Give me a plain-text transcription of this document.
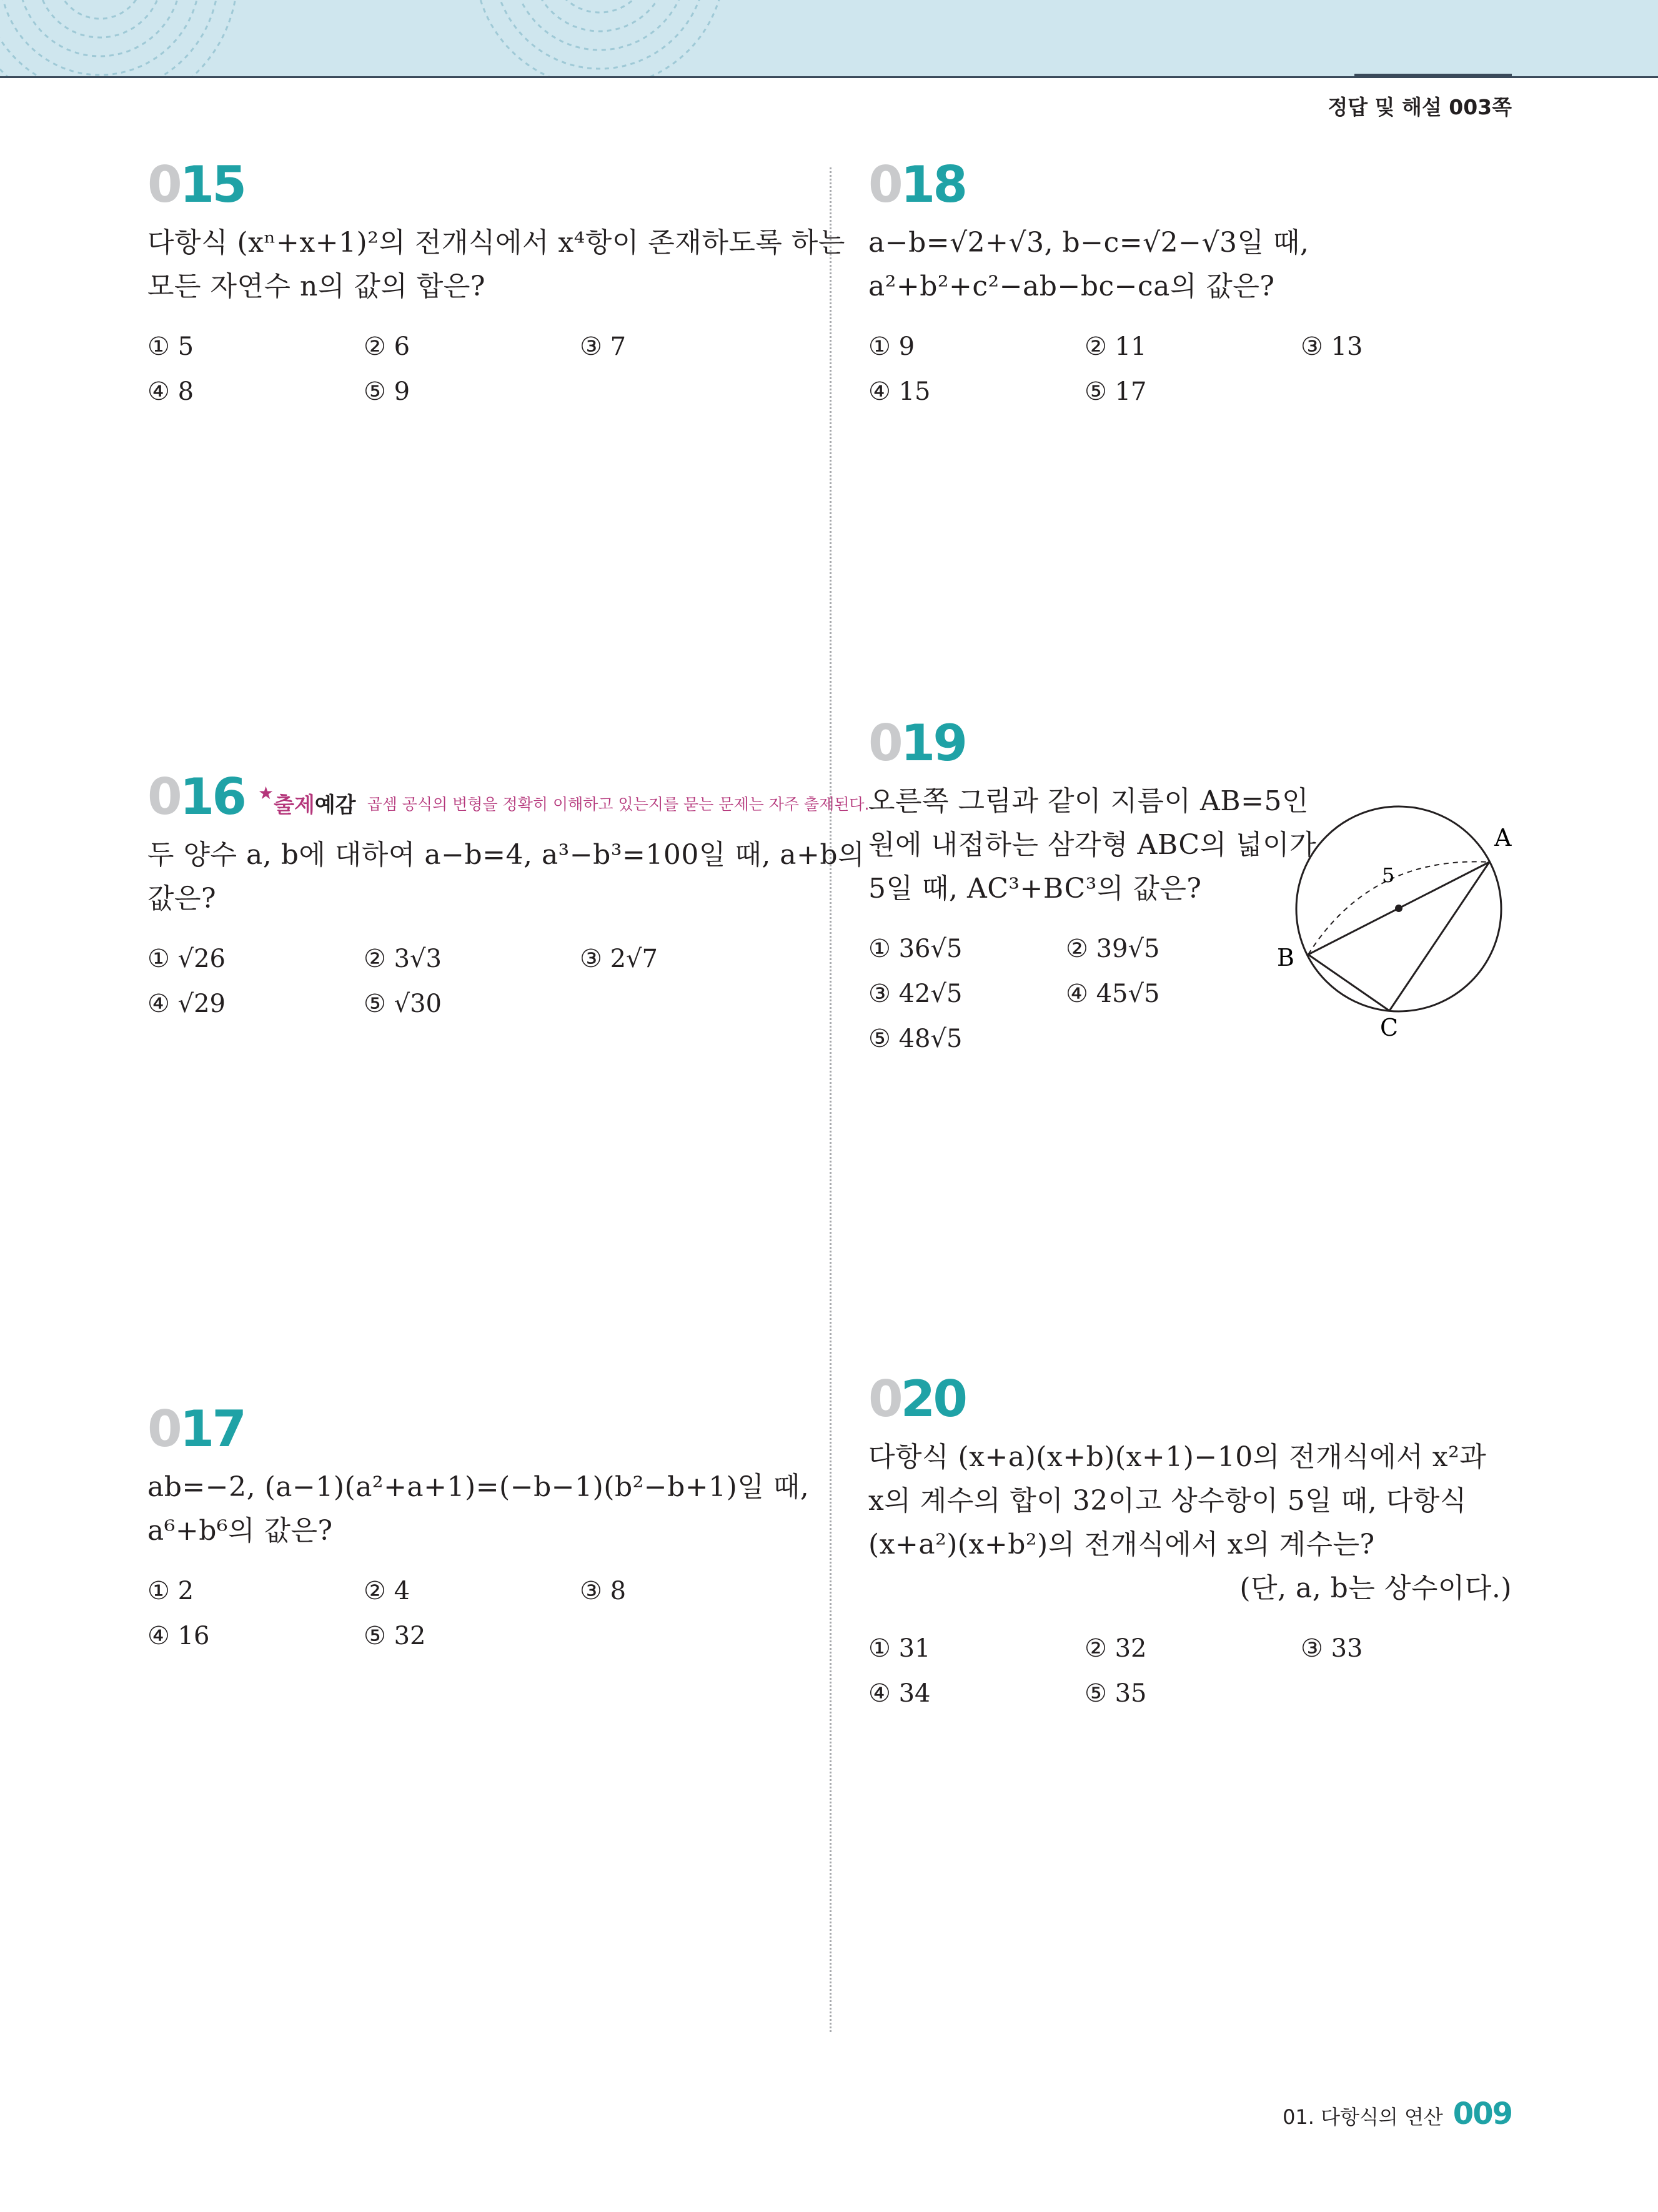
정답 및 해설 003쪽
015
다항식 (xⁿ+x+1)²의 전개식에서 x⁴항이 존재하도록 하는
모든 자연수 n의 값의 합은?
① 5	② 6	③ 7
④ 8	⑤ 9
016 ★ 출제 예감 곱셈 공식의 변형을 정확히 이해하고 있는지를 묻는 문제는 자주 출제된다.
두 양수 a, b에 대하여 a−b=4, a³−b³=100일 때, a+b의
값은?
① √26	② 3√3	③ 2√7
④ √29	⑤ √30
017
ab=−2, (a−1)(a²+a+1)=(−b−1)(b²−b+1)일 때,
a⁶+b⁶의 값은?
① 2	② 4	③ 8
④ 16	⑤ 32
018
a−b=√2+√3, b−c=√2−√3일 때,
a²+b²+c²−ab−bc−ca의 값은?
① 9	② 11	③ 13
④ 15	⑤ 17
019
오른쪽 그림과 같이 지름이 AB=5인
원에 내접하는 삼각형 ABC의 넓이가
5일 때, AC³+BC³의 값은?
① 36√5	② 39√5
③ 42√5	④ 45√5
⑤ 48√5
5
A
B
C
020
다항식 (x+a)(x+b)(x+1)−10의 전개식에서 x²과
x의 계수의 합이 32이고 상수항이 5일 때, 다항식
(x+a²)(x+b²)의 전개식에서 x의 계수는?
(단, a, b는 상수이다.)
① 31	② 32	③ 33
④ 34	⑤ 35
01. 다항식의 연산 009
